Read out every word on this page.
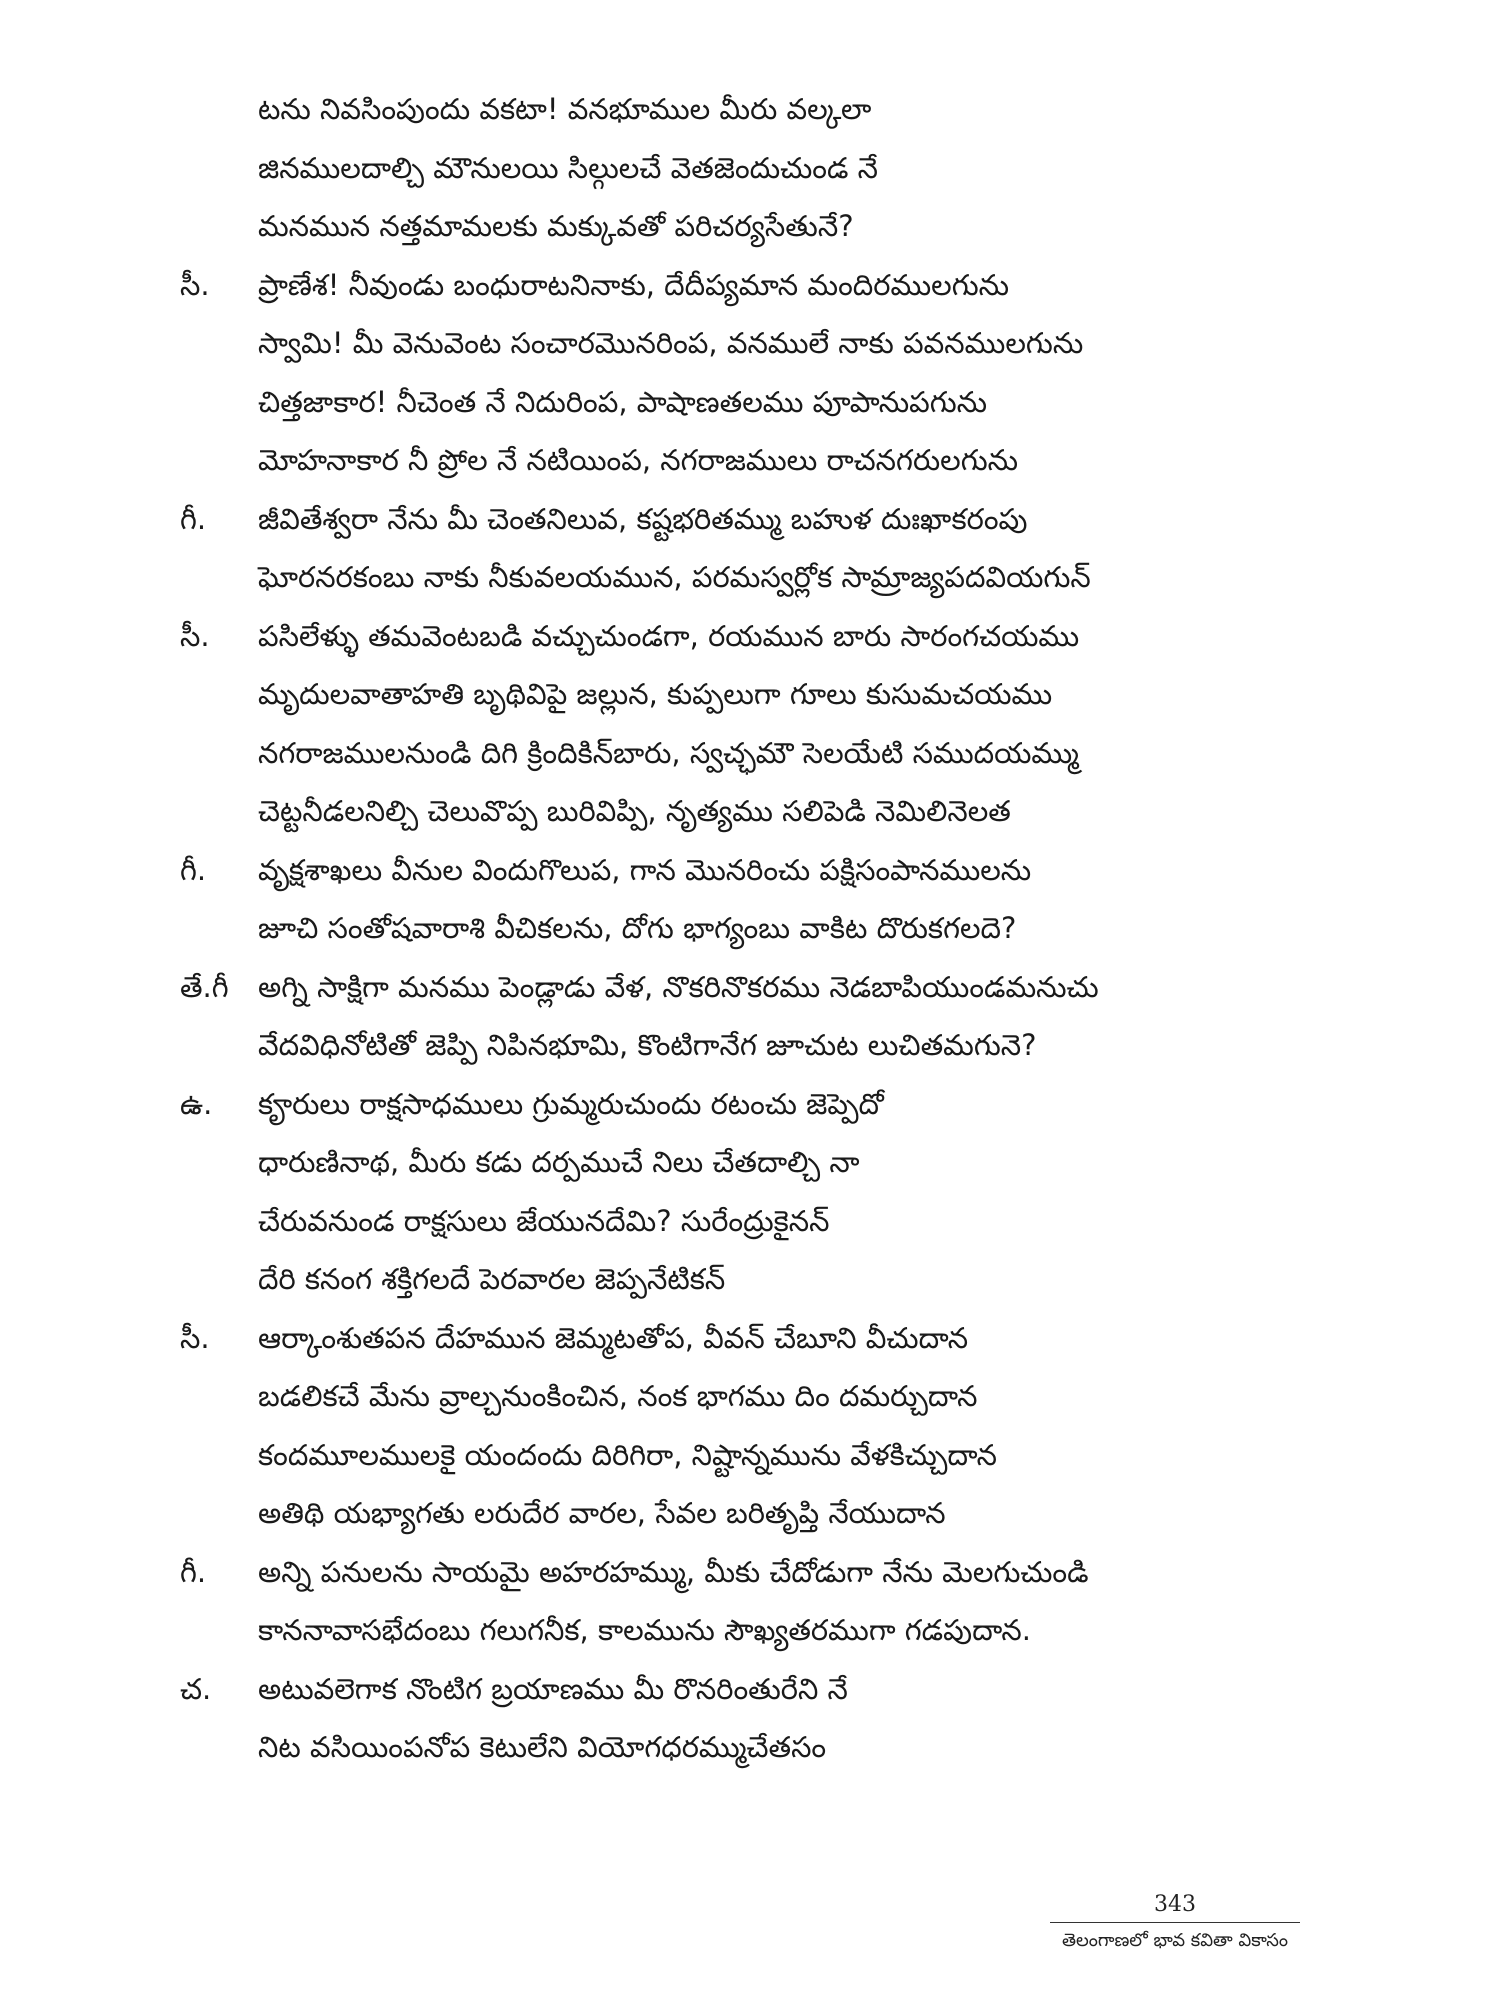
టను నివసింపుందు వకటా! వనభూముల మీరు వల్కలా
జినములదాల్చి మౌనులయి సిల్గులచే వెతజెందుచుండ నే
మనమున నత్తమామలకు మక్కువతో పరిచర్యసేతునే?
సీ. ప్రాణేశ! నీవుండు బంధురాటనినాకు, దేదీప్యమాన మందిరములగును
స్వామి! మీ వెనువెంట సంచారమొనరింప, వనములే నాకు పవనములగును
చిత్తజాకార! నీచెంత నే నిదురింప, పాషాణతలము పూపానుపగును
మోహనాకార నీ ప్రోల నే నటియింప, నగరాజములు రాచనగరులగును
గీ. జీవితేశ్వరా నేను మీ చెంతనిలువ, కష్టభరితమ్ము బహుళ దుఃఖాకరంపు
ఘోరనరకంబు నాకు నీకువలయమున, పరమస్వర్లోక సామ్రాజ్యపదవియగున్
సీ. పసిలేళ్ళు తమవెంటబడి వచ్చుచుండగా, రయమున బారు సారంగచయము
మృదులవాతాహతి బృథివిపై జల్లున, కుప్పలుగా గూలు కుసుమచయము
నగరాజములనుండి దిగి క్రిందికిన్‌బారు, స్వచ్ఛమౌ సెలయేటి సముదయమ్ము
చెట్టనీడలనిల్చి చెలువొప్ప బురివిప్పి, నృత్యము సలిపెడి నెమిలినెలత
గీ. వృక్షశాఖలు వీనుల విందుగొలుప, గాన మొనరించు పక్షిసంపానములను
జూచి సంతోషవారాశి వీచికలను, దోగు భాగ్యంబు వాకిట దొరుకగలదె?
తే.గీ అగ్ని సాక్షిగా మనము పెండ్లాడు వేళ, నొకరినొకరము నెడబాపియుండమనుచు
వేదవిధినోటితో జెప్పి నిపినభూమి, కొంటిగానేగ జూచుట లుచితమగునె?
ఉ. కౄరులు రాక్షసాధములు గ్రుమ్మరుచుందు రటంచు జెప్పెదో
ధారుణినాథ, మీరు కడు దర్పముచే నిలు చేతదాల్చి నా
చేరువనుండ రాక్షసులు జేయునదేమి? సురేంద్రుకైనన్
దేరి కనంగ శక్తిగలదే పెరవారల జెప్పనేటికన్
సీ. ఆర్కాంశుతపన దేహమున జెమ్మటతోప, వీవన్ చేబూని వీచుదాన
బడలికచే మేను వ్రాల్చనుంకించిన, నంక భాగము దిం దమర్చుదాన
కందమూలములకై యందందు దిరిగిరా, నిష్టాన్నమును వేళకిచ్చుదాన
అతిథి యభ్యాగతు లరుదేర వారల, సేవల బరితృప్తి నేయుదాన
గీ. అన్ని పనులను సాయమై అహరహమ్ము, మీకు చేదోడుగా నేను మెలగుచుండి
కాననావాసభేదంబు గలుగనీక, కాలమును సౌఖ్యతరముగా గడపుదాన.
చ. అటువలెగాక నొంటిగ బ్రయాణము మీ రొనరింతురేని నే
నిట వసియింపనోప కెటులేని వియోగధరమ్ముచేతసం
343
తెలంగాణలో భావ కవితా వికాసం
